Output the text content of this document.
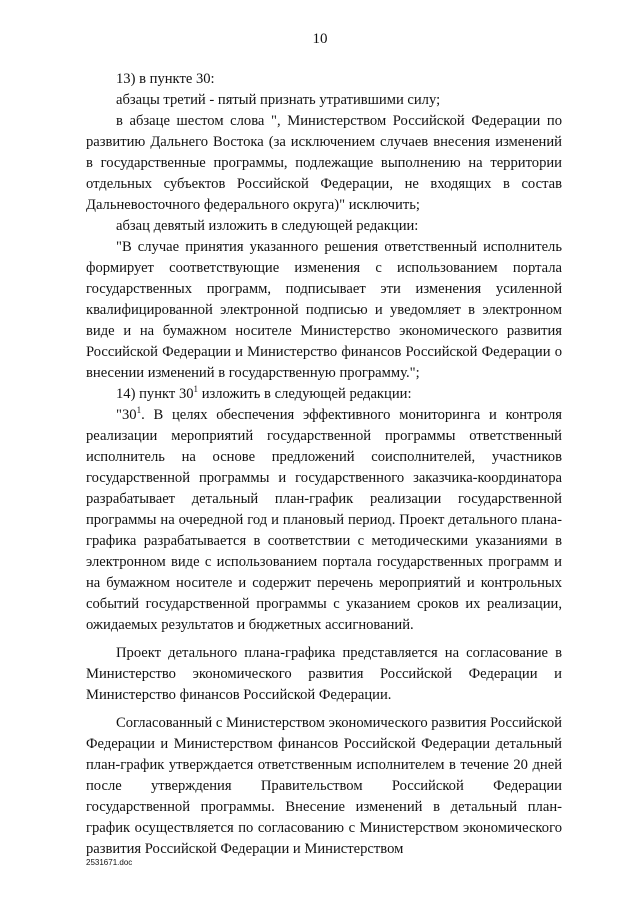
10

13) в пункте 30:

абзацы третий - пятый признать утратившими силу;

в абзаце шестом слова ", Министерством Российской Федерации по развитию Дальнего Востока (за исключением случаев внесения изменений в государственные программы, подлежащие выполнению на территории отдельных субъектов Российской Федерации, не входящих в состав Дальневосточного федерального округа)" исключить;

абзац девятый изложить в следующей редакции:

"В случае принятия указанного решения ответственный исполнитель формирует соответствующие изменения с использованием портала государственных программ, подписывает эти изменения усиленной квалифицированной электронной подписью и уведомляет в электронном виде и на бумажном носителе Министерство экономического развития Российской Федерации и Министерство финансов Российской Федерации о внесении изменений в государственную программу.";

14) пункт $30^1$ изложить в следующей редакции:

"$30^1$. В целях обеспечения эффективного мониторинга и контроля реализации мероприятий государственной программы ответственный исполнитель на основе предложений соисполнителей, участников государственной программы и государственного заказчика-координатора разрабатывает детальный план-график реализации государственной программы на очередной год и плановый период. Проект детального плана-графика разрабатывается в соответствии с методическими указаниями в электронном виде с использованием портала государственных программ и на бумажном носителе и содержит перечень мероприятий и контрольных событий государственной программы с указанием сроков их реализации, ожидаемых результатов и бюджетных ассигнований.

Проект детального плана-графика представляется на согласование в Министерство экономического развития Российской Федерации и Министерство финансов Российской Федерации.

Согласованный с Министерством экономического развития Российской Федерации и Министерством финансов Российской Федерации детальный план-график утверждается ответственным исполнителем в течение 20 дней после утверждения Правительством Российской Федерации государственной программы. Внесение изменений в детальный план-график осуществляется по согласованию с Министерством экономического развития Российской Федерации и Министерством

2531671.doc
